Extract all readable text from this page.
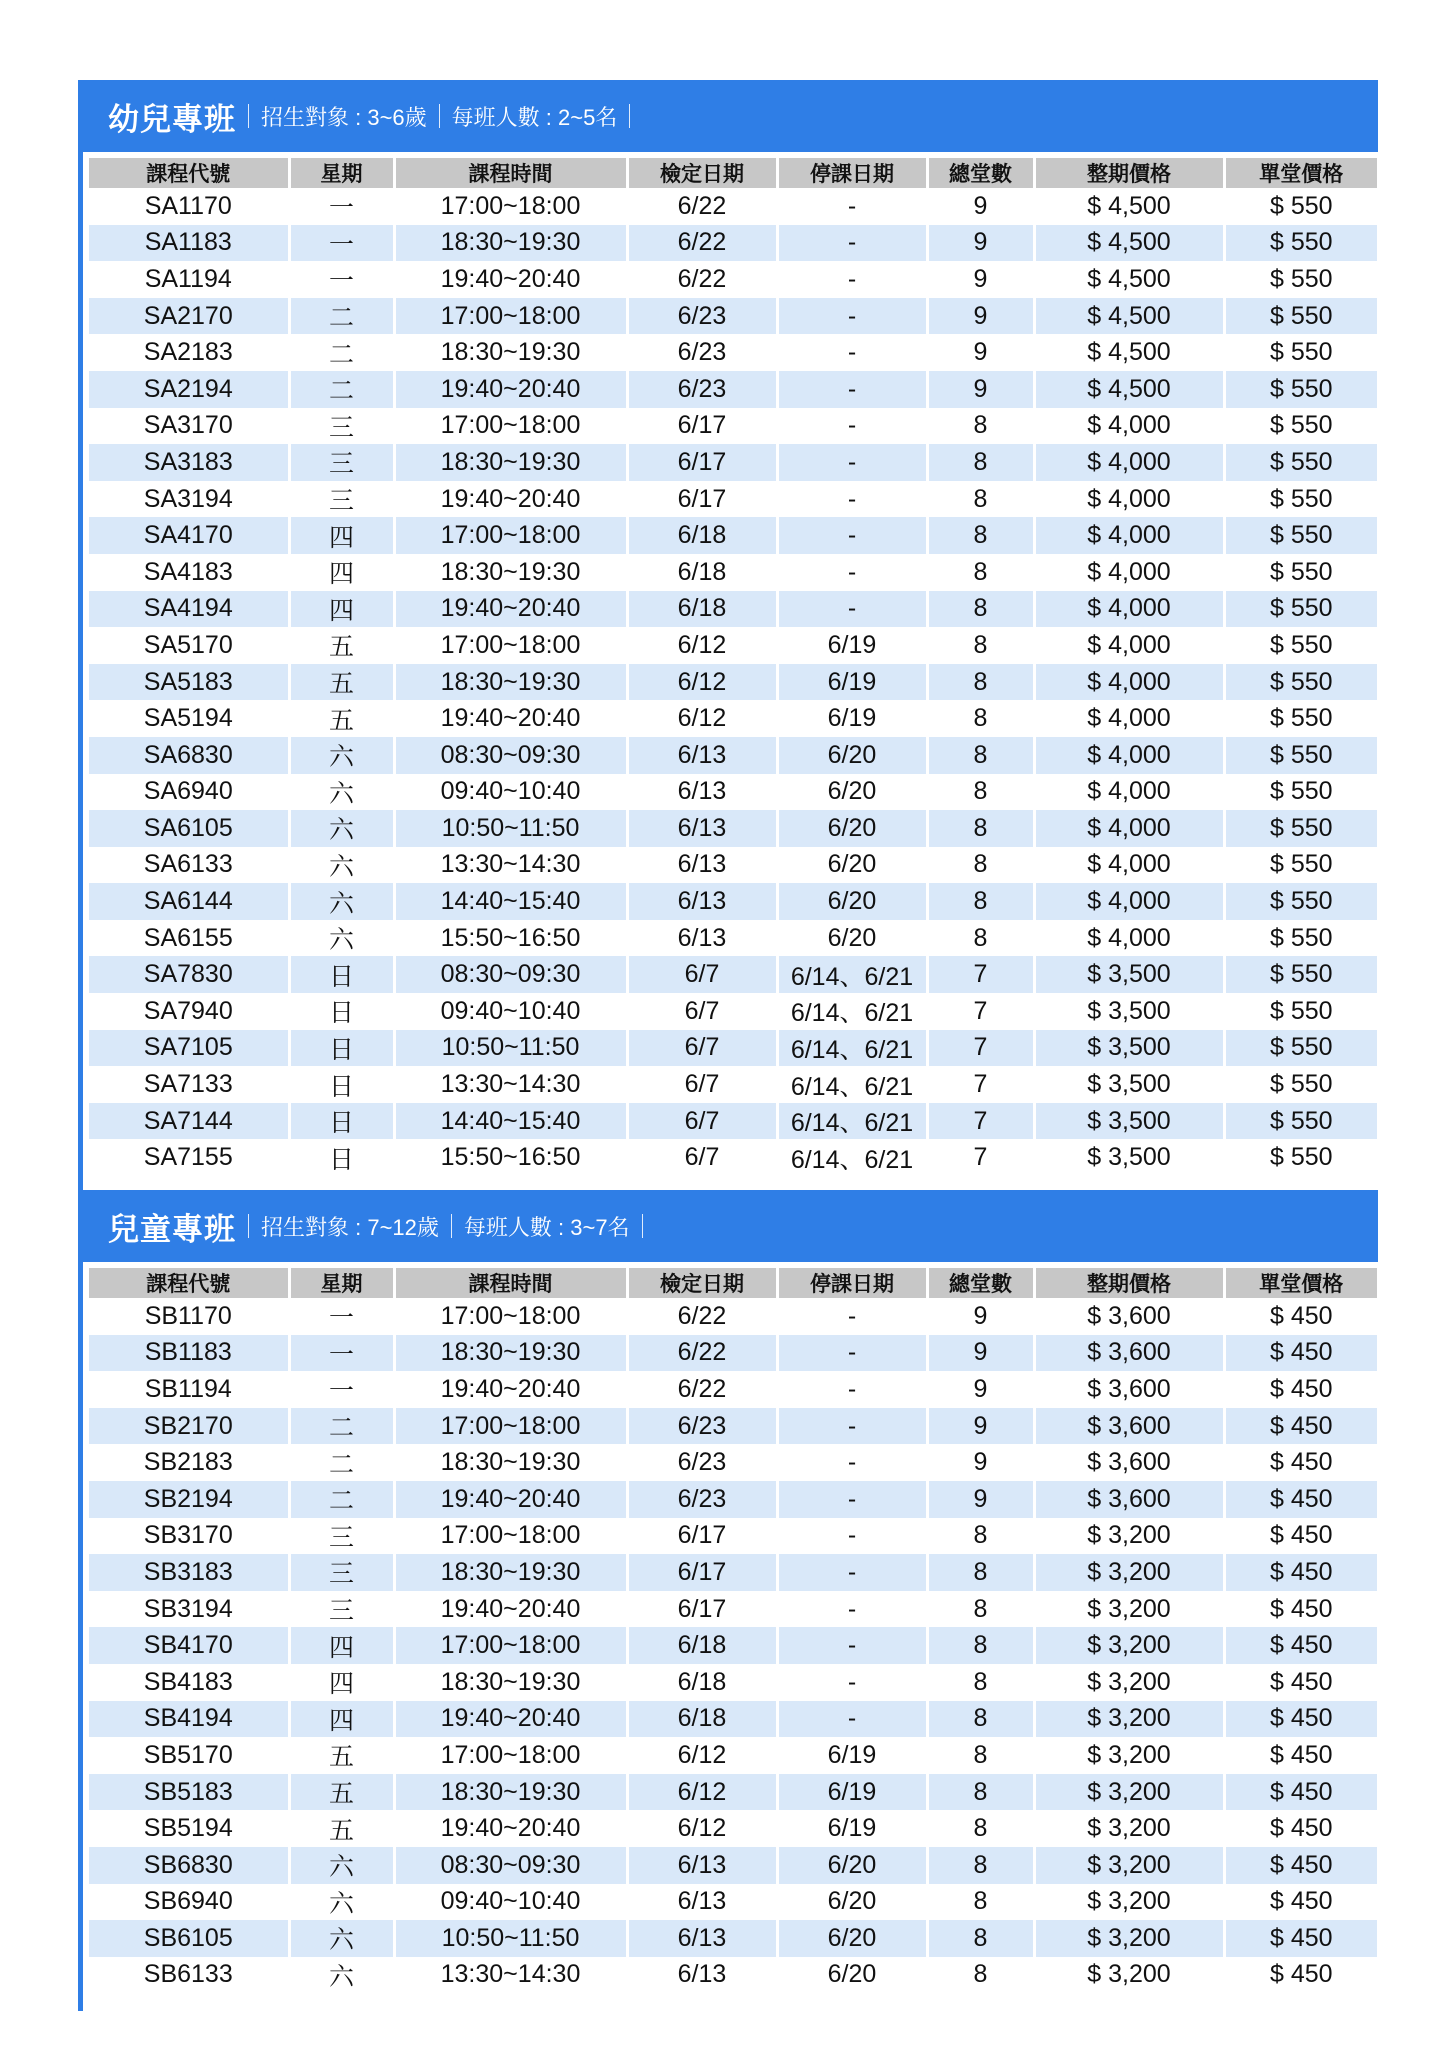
幼兒專班 招生對象 : 3~6歲 每班人數 : 2~5名
課程代號	星期	課程時間	檢定日期	停課日期	總堂數	整期價格	單堂價格
SA1170	一	17:00~18:00	6/22	-	9	$ 4,500	$ 550
SA1183	一	18:30~19:30	6/22	-	9	$ 4,500	$ 550
SA1194	一	19:40~20:40	6/22	-	9	$ 4,500	$ 550
SA2170	二	17:00~18:00	6/23	-	9	$ 4,500	$ 550
SA2183	二	18:30~19:30	6/23	-	9	$ 4,500	$ 550
SA2194	二	19:40~20:40	6/23	-	9	$ 4,500	$ 550
SA3170	三	17:00~18:00	6/17	-	8	$ 4,000	$ 550
SA3183	三	18:30~19:30	6/17	-	8	$ 4,000	$ 550
SA3194	三	19:40~20:40	6/17	-	8	$ 4,000	$ 550
SA4170	四	17:00~18:00	6/18	-	8	$ 4,000	$ 550
SA4183	四	18:30~19:30	6/18	-	8	$ 4,000	$ 550
SA4194	四	19:40~20:40	6/18	-	8	$ 4,000	$ 550
SA5170	五	17:00~18:00	6/12	6/19	8	$ 4,000	$ 550
SA5183	五	18:30~19:30	6/12	6/19	8	$ 4,000	$ 550
SA5194	五	19:40~20:40	6/12	6/19	8	$ 4,000	$ 550
SA6830	六	08:30~09:30	6/13	6/20	8	$ 4,000	$ 550
SA6940	六	09:40~10:40	6/13	6/20	8	$ 4,000	$ 550
SA6105	六	10:50~11:50	6/13	6/20	8	$ 4,000	$ 550
SA6133	六	13:30~14:30	6/13	6/20	8	$ 4,000	$ 550
SA6144	六	14:40~15:40	6/13	6/20	8	$ 4,000	$ 550
SA6155	六	15:50~16:50	6/13	6/20	8	$ 4,000	$ 550
SA7830	日	08:30~09:30	6/7	6/14、6/21	7	$ 3,500	$ 550
SA7940	日	09:40~10:40	6/7	6/14、6/21	7	$ 3,500	$ 550
SA7105	日	10:50~11:50	6/7	6/14、6/21	7	$ 3,500	$ 550
SA7133	日	13:30~14:30	6/7	6/14、6/21	7	$ 3,500	$ 550
SA7144	日	14:40~15:40	6/7	6/14、6/21	7	$ 3,500	$ 550
SA7155	日	15:50~16:50	6/7	6/14、6/21	7	$ 3,500	$ 550
兒童專班 招生對象 : 7~12歲 每班人數 : 3~7名
課程代號	星期	課程時間	檢定日期	停課日期	總堂數	整期價格	單堂價格
SB1170	一	17:00~18:00	6/22	-	9	$ 3,600	$ 450
SB1183	一	18:30~19:30	6/22	-	9	$ 3,600	$ 450
SB1194	一	19:40~20:40	6/22	-	9	$ 3,600	$ 450
SB2170	二	17:00~18:00	6/23	-	9	$ 3,600	$ 450
SB2183	二	18:30~19:30	6/23	-	9	$ 3,600	$ 450
SB2194	二	19:40~20:40	6/23	-	9	$ 3,600	$ 450
SB3170	三	17:00~18:00	6/17	-	8	$ 3,200	$ 450
SB3183	三	18:30~19:30	6/17	-	8	$ 3,200	$ 450
SB3194	三	19:40~20:40	6/17	-	8	$ 3,200	$ 450
SB4170	四	17:00~18:00	6/18	-	8	$ 3,200	$ 450
SB4183	四	18:30~19:30	6/18	-	8	$ 3,200	$ 450
SB4194	四	19:40~20:40	6/18	-	8	$ 3,200	$ 450
SB5170	五	17:00~18:00	6/12	6/19	8	$ 3,200	$ 450
SB5183	五	18:30~19:30	6/12	6/19	8	$ 3,200	$ 450
SB5194	五	19:40~20:40	6/12	6/19	8	$ 3,200	$ 450
SB6830	六	08:30~09:30	6/13	6/20	8	$ 3,200	$ 450
SB6940	六	09:40~10:40	6/13	6/20	8	$ 3,200	$ 450
SB6105	六	10:50~11:50	6/13	6/20	8	$ 3,200	$ 450
SB6133	六	13:30~14:30	6/13	6/20	8	$ 3,200	$ 450
